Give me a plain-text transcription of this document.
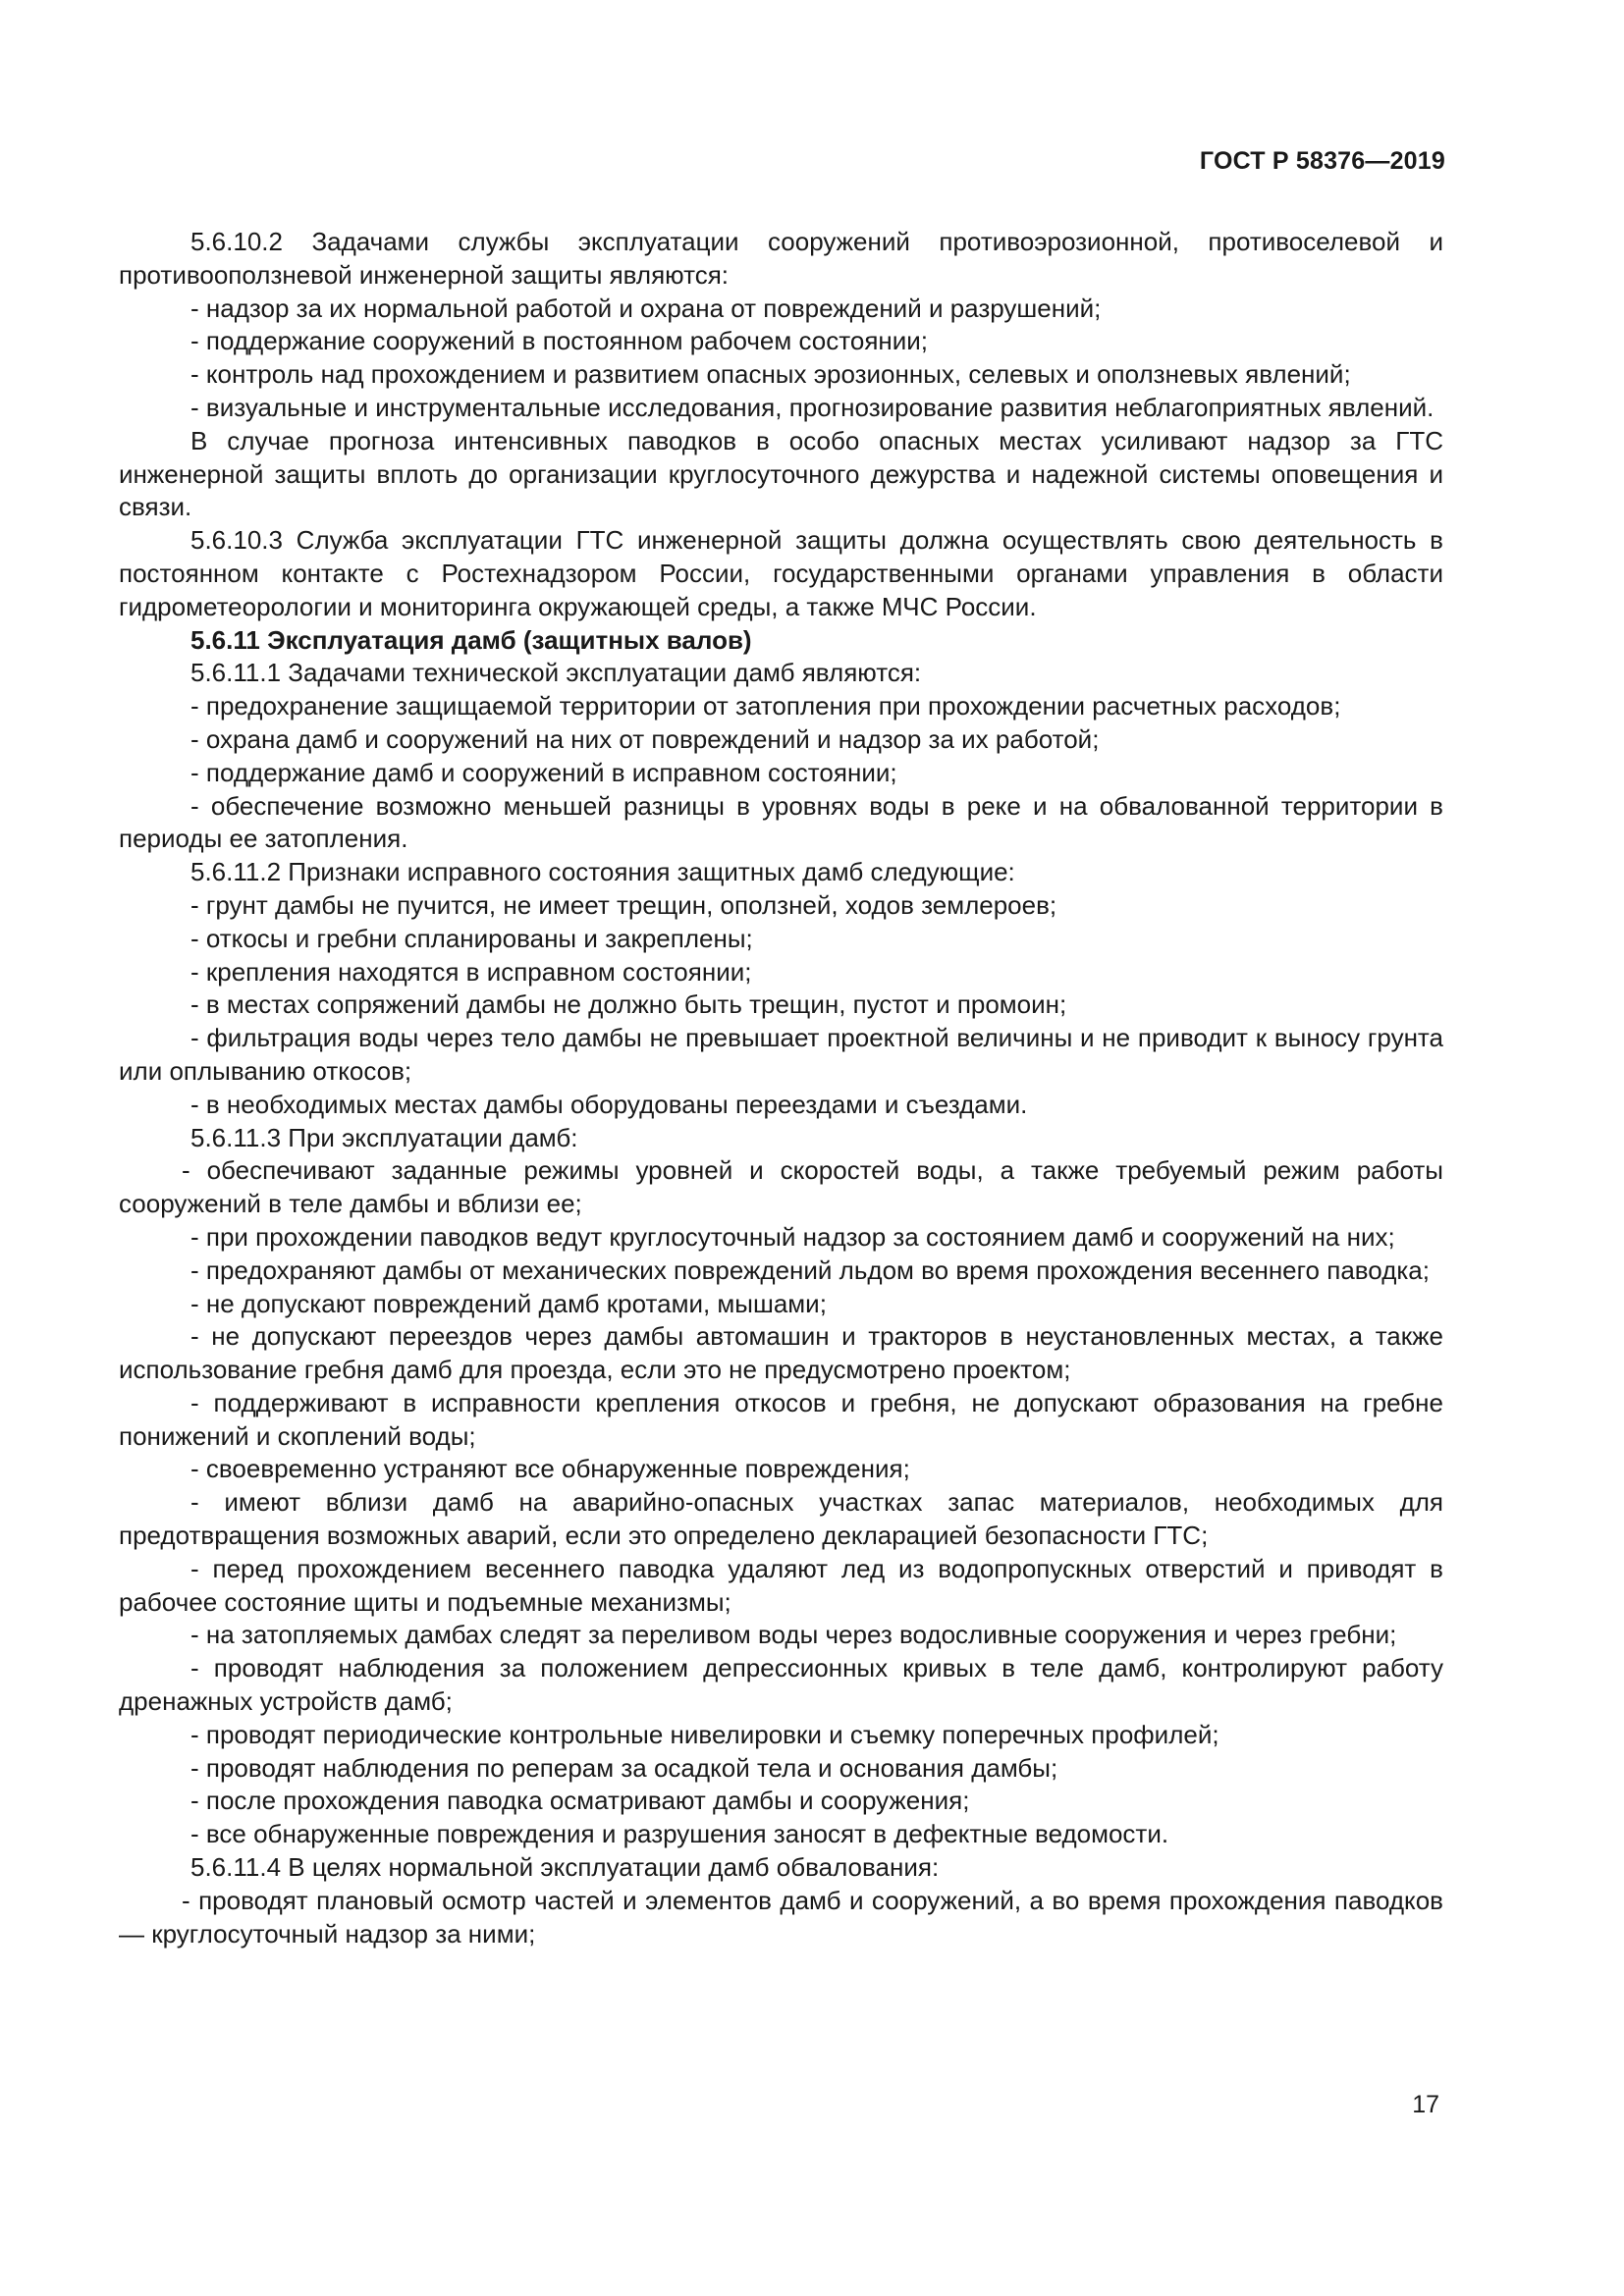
ГОСТ Р 58376—2019

5.6.10.2 Задачами службы эксплуатации сооружений противоэрозионной, противоселевой и противооползневой инженерной защиты являются:

- надзор за их нормальной работой и охрана от повреждений и разрушений;

- поддержание сооружений в постоянном рабочем состоянии;

- контроль над прохождением и развитием опасных эрозионных, селевых и оползневых явлений;

- визуальные и инструментальные исследования, прогнозирование развития неблагоприятных явлений.

В случае прогноза интенсивных паводков в особо опасных местах усиливают надзор за ГТС инженерной защиты вплоть до организации круглосуточного дежурства и надежной системы оповещения и связи.

5.6.10.3 Служба эксплуатации ГТС инженерной защиты должна осуществлять свою деятельность в постоянном контакте с Ростехнадзором России, государственными органами управления в области гидрометеорологии и мониторинга окружающей среды, а также МЧС России.

5.6.11 Эксплуатация дамб (защитных валов)

5.6.11.1 Задачами технической эксплуатации дамб являются:

- предохранение защищаемой территории от затопления при прохождении расчетных расходов;

- охрана дамб и сооружений на них от повреждений и надзор за их работой;

- поддержание дамб и сооружений в исправном состоянии;

- обеспечение возможно меньшей разницы в уровнях воды в реке и на обвалованной территории в периоды ее затопления.

5.6.11.2 Признаки исправного состояния защитных дамб следующие:

- грунт дамбы не пучится, не имеет трещин, оползней, ходов землероев;

- откосы и гребни спланированы и закреплены;

- крепления находятся в исправном состоянии;

- в местах сопряжений дамбы не должно быть трещин, пустот и промоин;

- фильтрация воды через тело дамбы не превышает проектной величины и не приводит к выносу грунта или оплыванию откосов;

- в необходимых местах дамбы оборудованы переездами и съездами.

5.6.11.3 При эксплуатации дамб:

- обеспечивают заданные режимы уровней и скоростей воды, а также требуемый режим работы сооружений в теле дамбы и вблизи ее;

- при прохождении паводков ведут круглосуточный надзор за состоянием дамб и сооружений на них;

- предохраняют дамбы от механических повреждений льдом во время прохождения весеннего паводка;

- не допускают повреждений дамб кротами, мышами;

- не допускают переездов через дамбы автомашин и тракторов в неустановленных местах, а также использование гребня дамб для проезда, если это не предусмотрено проектом;

- поддерживают в исправности крепления откосов и гребня, не допускают образования на гребне понижений и скоплений воды;

- своевременно устраняют все обнаруженные повреждения;

- имеют вблизи дамб на аварийно-опасных участках запас материалов, необходимых для предотвращения возможных аварий, если это определено декларацией безопасности ГТС;

- перед прохождением весеннего паводка удаляют лед из водопропускных отверстий и приводят в рабочее состояние щиты и подъемные механизмы;

- на затопляемых дамбах следят за переливом воды через водосливные сооружения и через гребни;

- проводят наблюдения за положением депрессионных кривых в теле дамб, контролируют работу дренажных устройств дамб;

- проводят периодические контрольные нивелировки и съемку поперечных профилей;

- проводят наблюдения по реперам за осадкой тела и основания дамбы;

- после прохождения паводка осматривают дамбы и сооружения;

- все обнаруженные повреждения и разрушения заносят в дефектные ведомости.

5.6.11.4 В целях нормальной эксплуатации дамб обвалования:

- проводят плановый осмотр частей и элементов дамб и сооружений, а во время прохождения паводков — круглосуточный надзор за ними;

17
